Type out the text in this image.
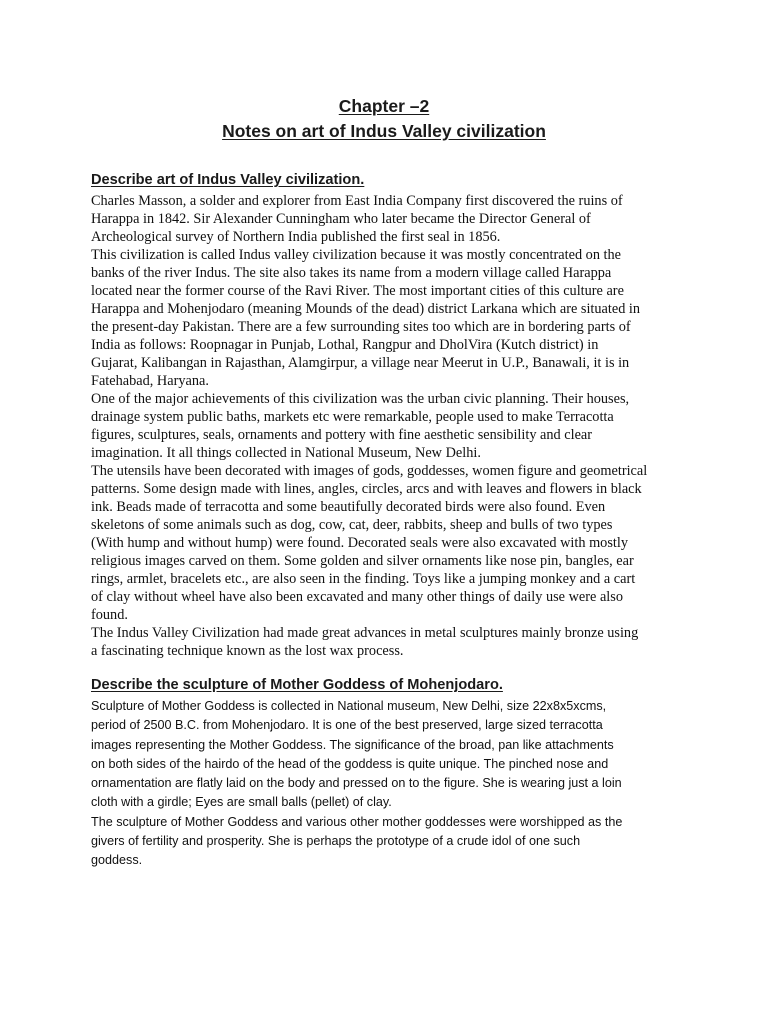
Chapter –2
Notes on art of Indus Valley civilization
Describe art of Indus Valley civilization.
Charles Masson, a solder and explorer from East India Company first discovered the ruins of
Harappa in 1842. Sir Alexander Cunningham who later became the Director General of
Archeological survey of Northern India published the first seal in 1856.
This civilization is called Indus valley civilization because it was mostly concentrated on the
banks of the river Indus. The site also takes its name from a modern village called Harappa
located near the former course of the Ravi River. The most important cities of this culture are
Harappa and Mohenjodaro (meaning Mounds of the dead) district Larkana which are situated in
the present-day Pakistan. There are a few surrounding sites too which are in bordering parts of
India as follows: Roopnagar in Punjab, Lothal, Rangpur and DholVira (Kutch district) in
Gujarat, Kalibangan in Rajasthan, Alamgirpur, a village near Meerut in U.P., Banawali, it is in
Fatehabad, Haryana.
One of the major achievements of this civilization was the urban civic planning. Their houses,
drainage system public baths, markets etc were remarkable, people used to make Terracotta
figures, sculptures, seals, ornaments and pottery with fine aesthetic sensibility and clear
imagination. It all things collected in National Museum, New Delhi.
The utensils have been decorated with images of gods, goddesses, women figure and geometrical
patterns. Some design made with lines, angles, circles, arcs and with leaves and flowers in black
ink. Beads made of terracotta and some beautifully decorated birds were also found. Even
skeletons of some animals such as dog, cow, cat, deer, rabbits, sheep and bulls of two types
(With hump and without hump) were found. Decorated seals were also excavated with mostly
religious images carved on them. Some golden and silver ornaments like nose pin, bangles, ear
rings, armlet, bracelets etc., are also seen in the finding. Toys like a jumping monkey and a cart
of clay without wheel have also been excavated and many other things of daily use were also
found.
The Indus Valley Civilization had made great advances in metal sculptures mainly bronze using
a fascinating technique known as the lost wax process.
Describe the sculpture of Mother Goddess of Mohenjodaro.
Sculpture of Mother Goddess is collected in National museum, New Delhi, size 22x8x5xcms,
period of 2500 B.C. from Mohenjodaro. It is one of the best preserved, large sized terracotta
images representing the Mother Goddess. The significance of the broad, pan like attachments
on both sides of the hairdo of the head of the goddess is quite unique. The pinched nose and
ornamentation are flatly laid on the body and pressed on to the figure. She is wearing just a loin
cloth with a girdle; Eyes are small balls (pellet) of clay.
The sculpture of Mother Goddess and various other mother goddesses were worshipped as the
givers of fertility and prosperity. She is perhaps the prototype of a crude idol of one such
goddess.
